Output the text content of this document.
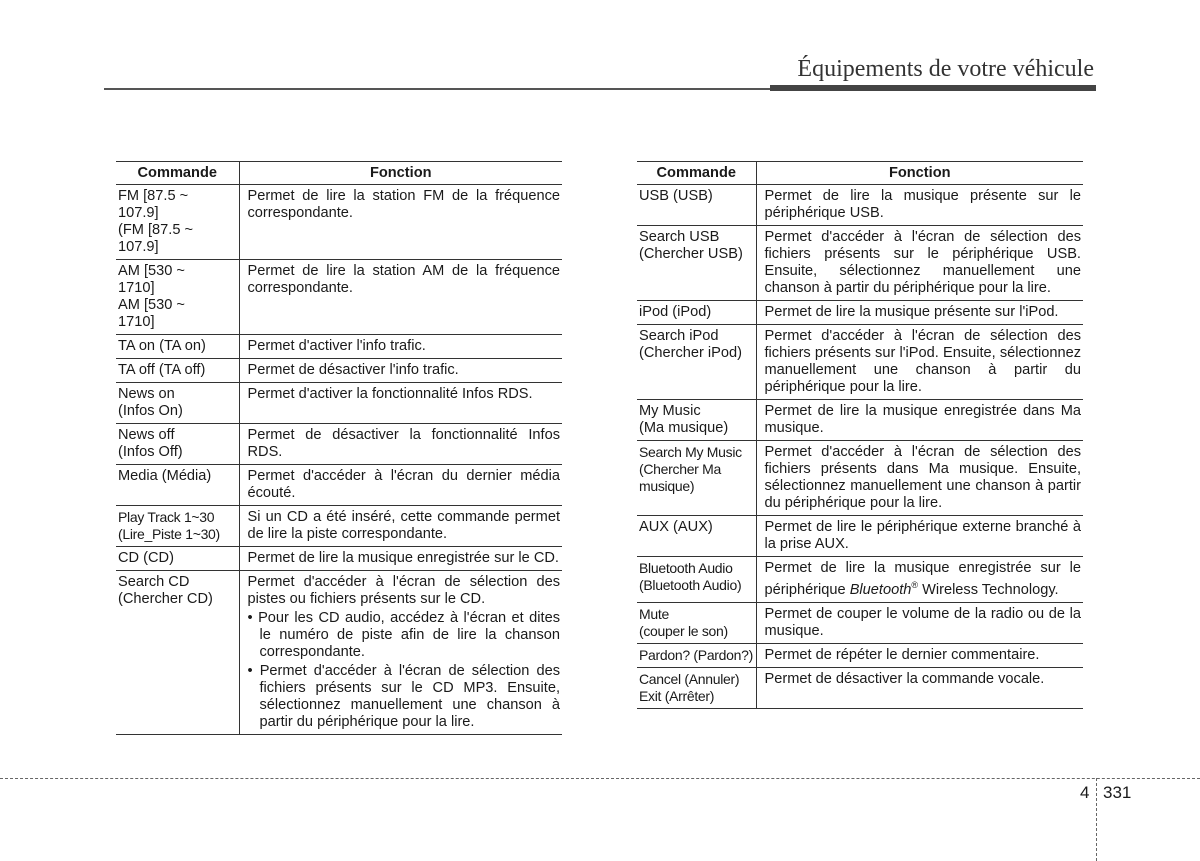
Équipements de votre véhicule
Commande	Fonction

FM [87.5 ~
107.9]
(FM [87.5 ~
107.9]	Permet de lire la station FM de la fréquence correspondante.

AM [530 ~
1710]
AM [530 ~
1710]	Permet de lire la station AM de la fréquence correspondante.

TA on (TA on)	Permet d'activer l'info trafic.

TA off (TA off)	Permet de désactiver l'info trafic.

News on
(Infos On)	Permet d'activer la fonctionnalité Infos RDS.

News off
(Infos Off)	Permet de désactiver la fonctionnalité Infos RDS.

Media (Média)	Permet d'accéder à l'écran du dernier média écouté.

Play Track 1~30
(Lire_Piste 1~30)	Si un CD a été inséré, cette commande permet de lire la piste correspondante.

CD (CD)	Permet de lire la musique enregistrée sur le CD.

Search CD
(Chercher CD)	Permet d'accéder à l'écran de sélection des pistes ou fichiers présents sur le CD.
• Pour les CD audio, accédez à l'écran et dites le numéro de piste afin de lire la chanson correspondante.
• Permet d'accéder à l'écran de sélection des fichiers présents sur le CD MP3. Ensuite, sélectionnez manuellement une chanson à partir du périphérique pour la lire.
Commande	Fonction

USB (USB)	Permet de lire la musique présente sur le périphérique USB.

Search USB
(Chercher USB)	Permet d'accéder à l'écran de sélection des fichiers présents sur le périphérique USB. Ensuite, sélectionnez manuellement une chanson à partir du périphérique pour la lire.

iPod (iPod)	Permet de lire la musique présente sur l'iPod.

Search iPod
(Chercher iPod)	Permet d'accéder à l'écran de sélection des fichiers présents sur l'iPod. Ensuite, sélectionnez manuellement une chanson à partir du périphérique pour la lire.

My Music
(Ma musique)	Permet de lire la musique enregistrée dans Ma musique.

Search My Music
(Chercher Ma
musique)	Permet d'accéder à l'écran de sélection des fichiers présents dans Ma musique. Ensuite, sélectionnez manuellement une chanson à partir du périphérique pour la lire.

AUX (AUX)	Permet de lire le périphérique externe branché à la prise AUX.

Bluetooth Audio
(Bluetooth Audio)	Permet de lire la musique enregistrée sur le périphérique Bluetooth® Wireless Technology.

Mute
(couper le son)	Permet de couper le volume de la radio ou de la musique.

Pardon? (Pardon?)	Permet de répéter le dernier commentaire.

Cancel (Annuler)
Exit (Arrêter)	Permet de désactiver la commande vocale.
4 331
